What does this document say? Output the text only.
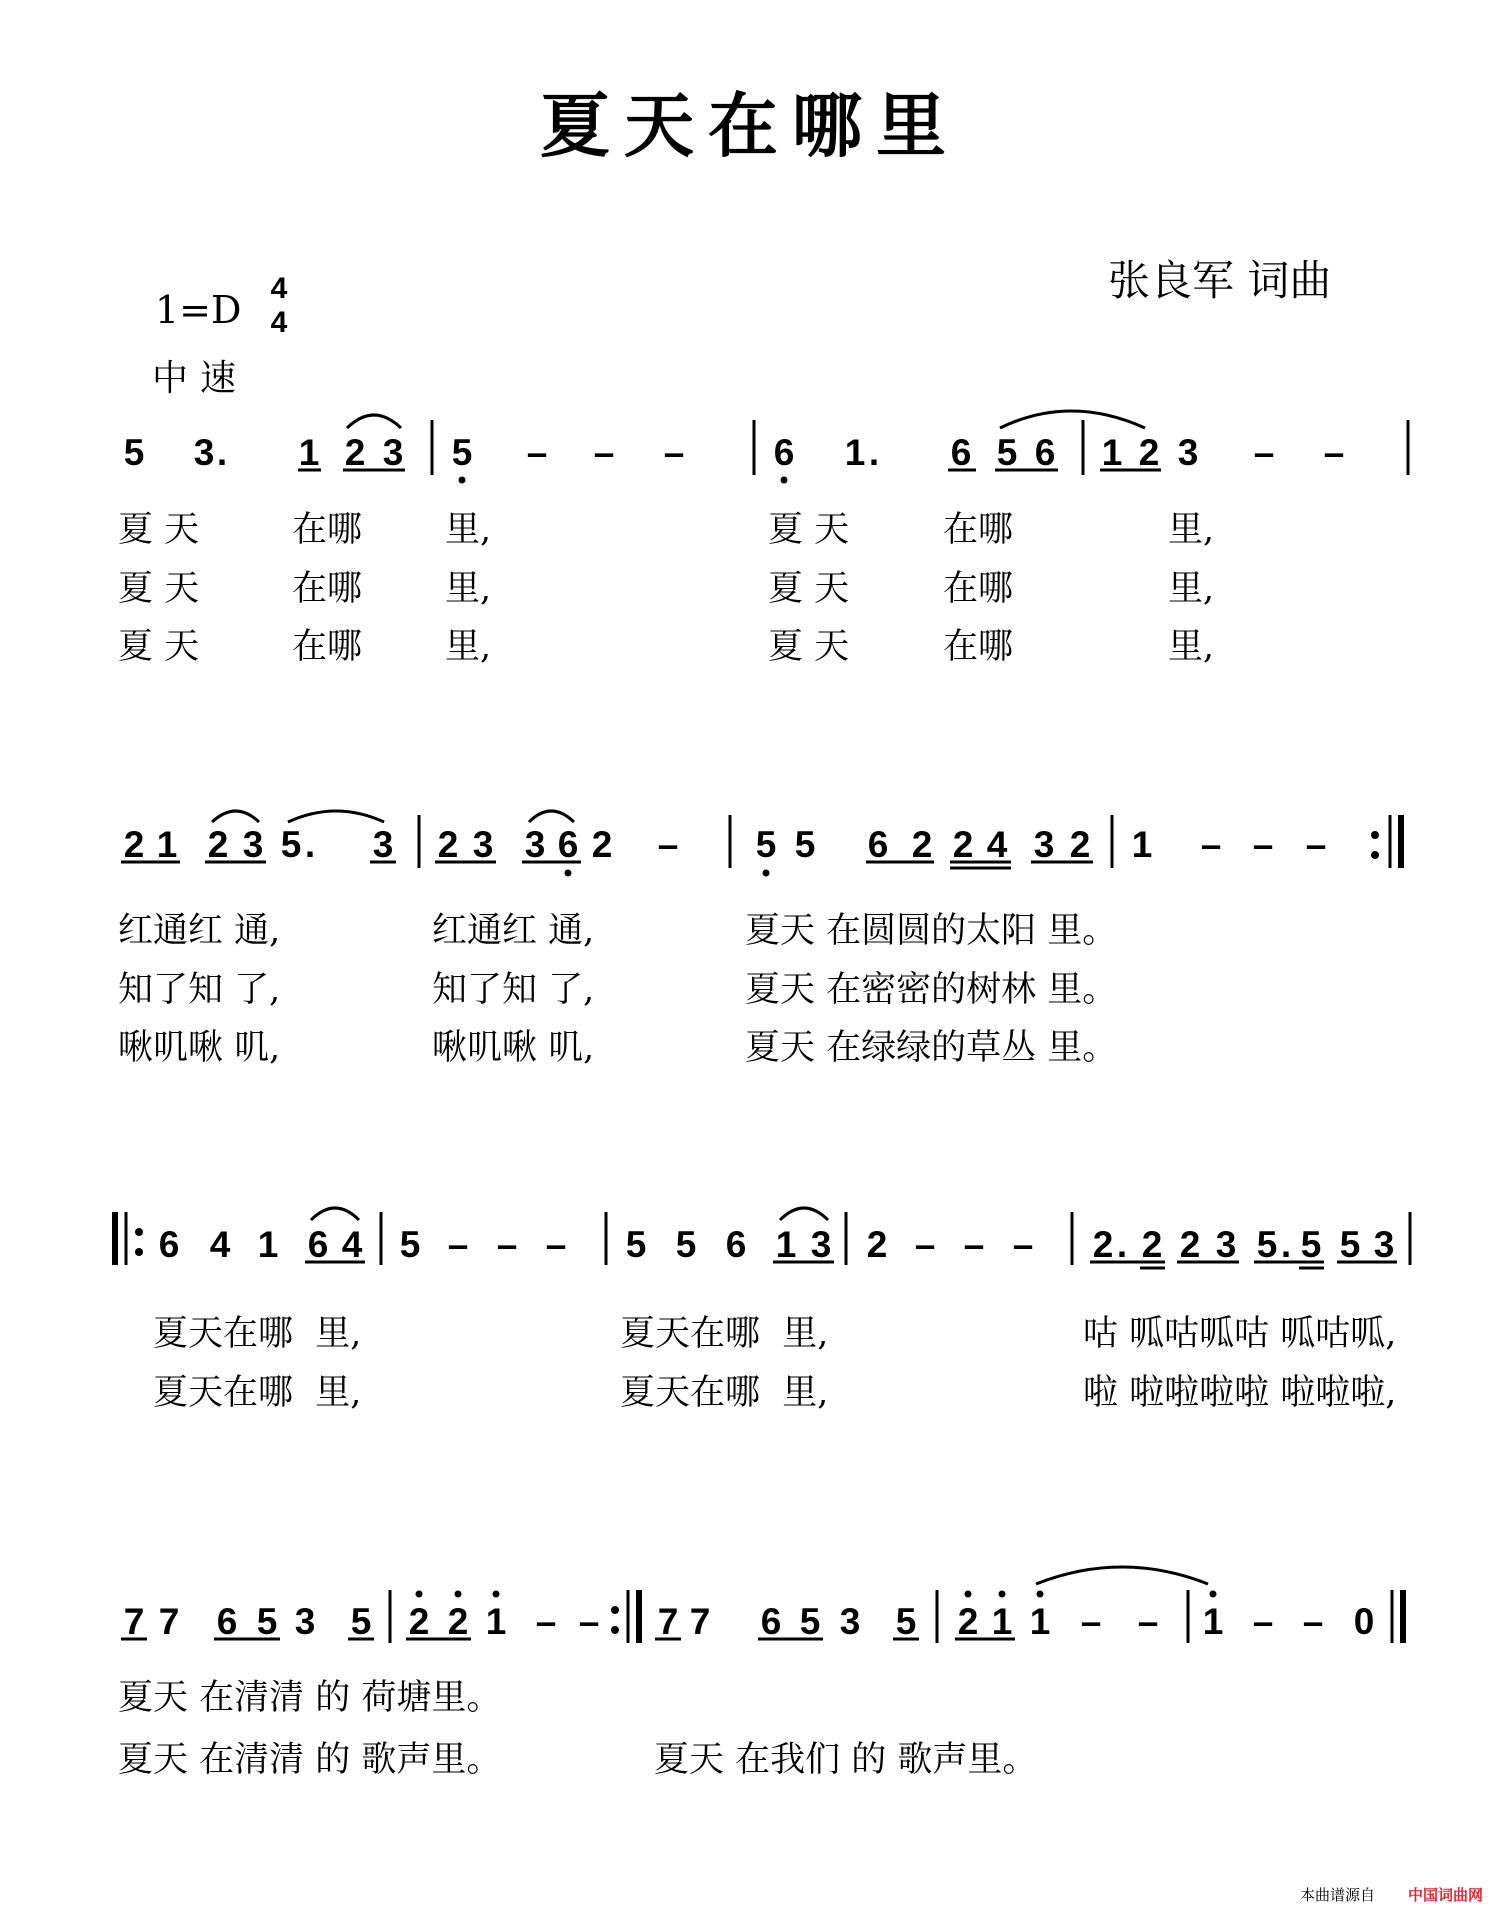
夏天在哪里
张良军 词曲
1=D 4
4
中速
5 3 . 1 2 3 5 – – – 6 1 . 6 5 6 1 2 3 – –
2 1 2 3 5 . 3 2 3 3 6 2 – 5 5 6 2 2 4 3 2 1 – – –
6 4 1 6 4 5 – – – 5 5 6 1 3 2 – – – 2 . 2 2 3 5 . 5 5 3
7 7 6 5 3 5 2 2 1 – – 7 7 6 5 3 5 2 1 1 – – 1 – – 0
夏 天	在哪 里,	夏 天	在哪	里,
夏 天	在哪 里,	夏 天	在哪	里,
夏 天	在哪 里,	夏 天	在哪	里,
红通红 通,	红通红 通,	夏天 在圆圆的太阳 里。
知了知 了,	知了知 了,	夏天 在密密的树林 里。
啾叽啾 叽,	啾叽啾 叽,	夏天 在绿绿的草丛 里。
夏天在哪  里,	夏天在哪  里,	咕 呱咕呱咕 呱咕呱,
夏天在哪  里,	夏天在哪  里,	啦 啦啦啦啦 啦啦啦,
夏天 在清清 的 荷塘里。
夏天 在清清 的 歌声里。	夏天 在我们 的 歌声里。
本曲谱源自 中国词曲网
